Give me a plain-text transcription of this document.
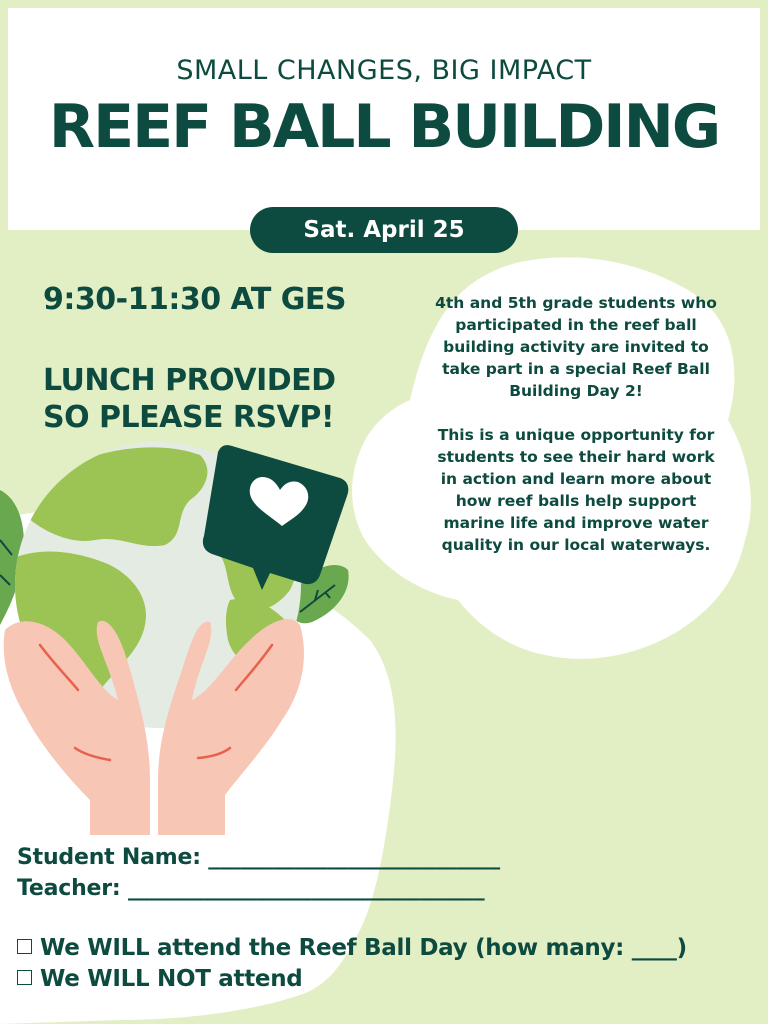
SMALL CHANGES, BIG IMPACT
REEF BALL BUILDING
Sat. April 25
9:30-11:30 AT GES
LUNCH PROVIDED
SO PLEASE RSVP!

4th and 5th grade students who participated in the reef ball building activity are invited to take part in a special Reef Ball Building Day 2!

This is a unique opportunity for students to see their hard work in action and learn more about how reef balls help support marine life and improve water quality in our local waterways.

Student Name: ___________________________
Teacher: _________________________________
We WILL attend the Reef Ball Day (how many: ____)
We WILL NOT attend
